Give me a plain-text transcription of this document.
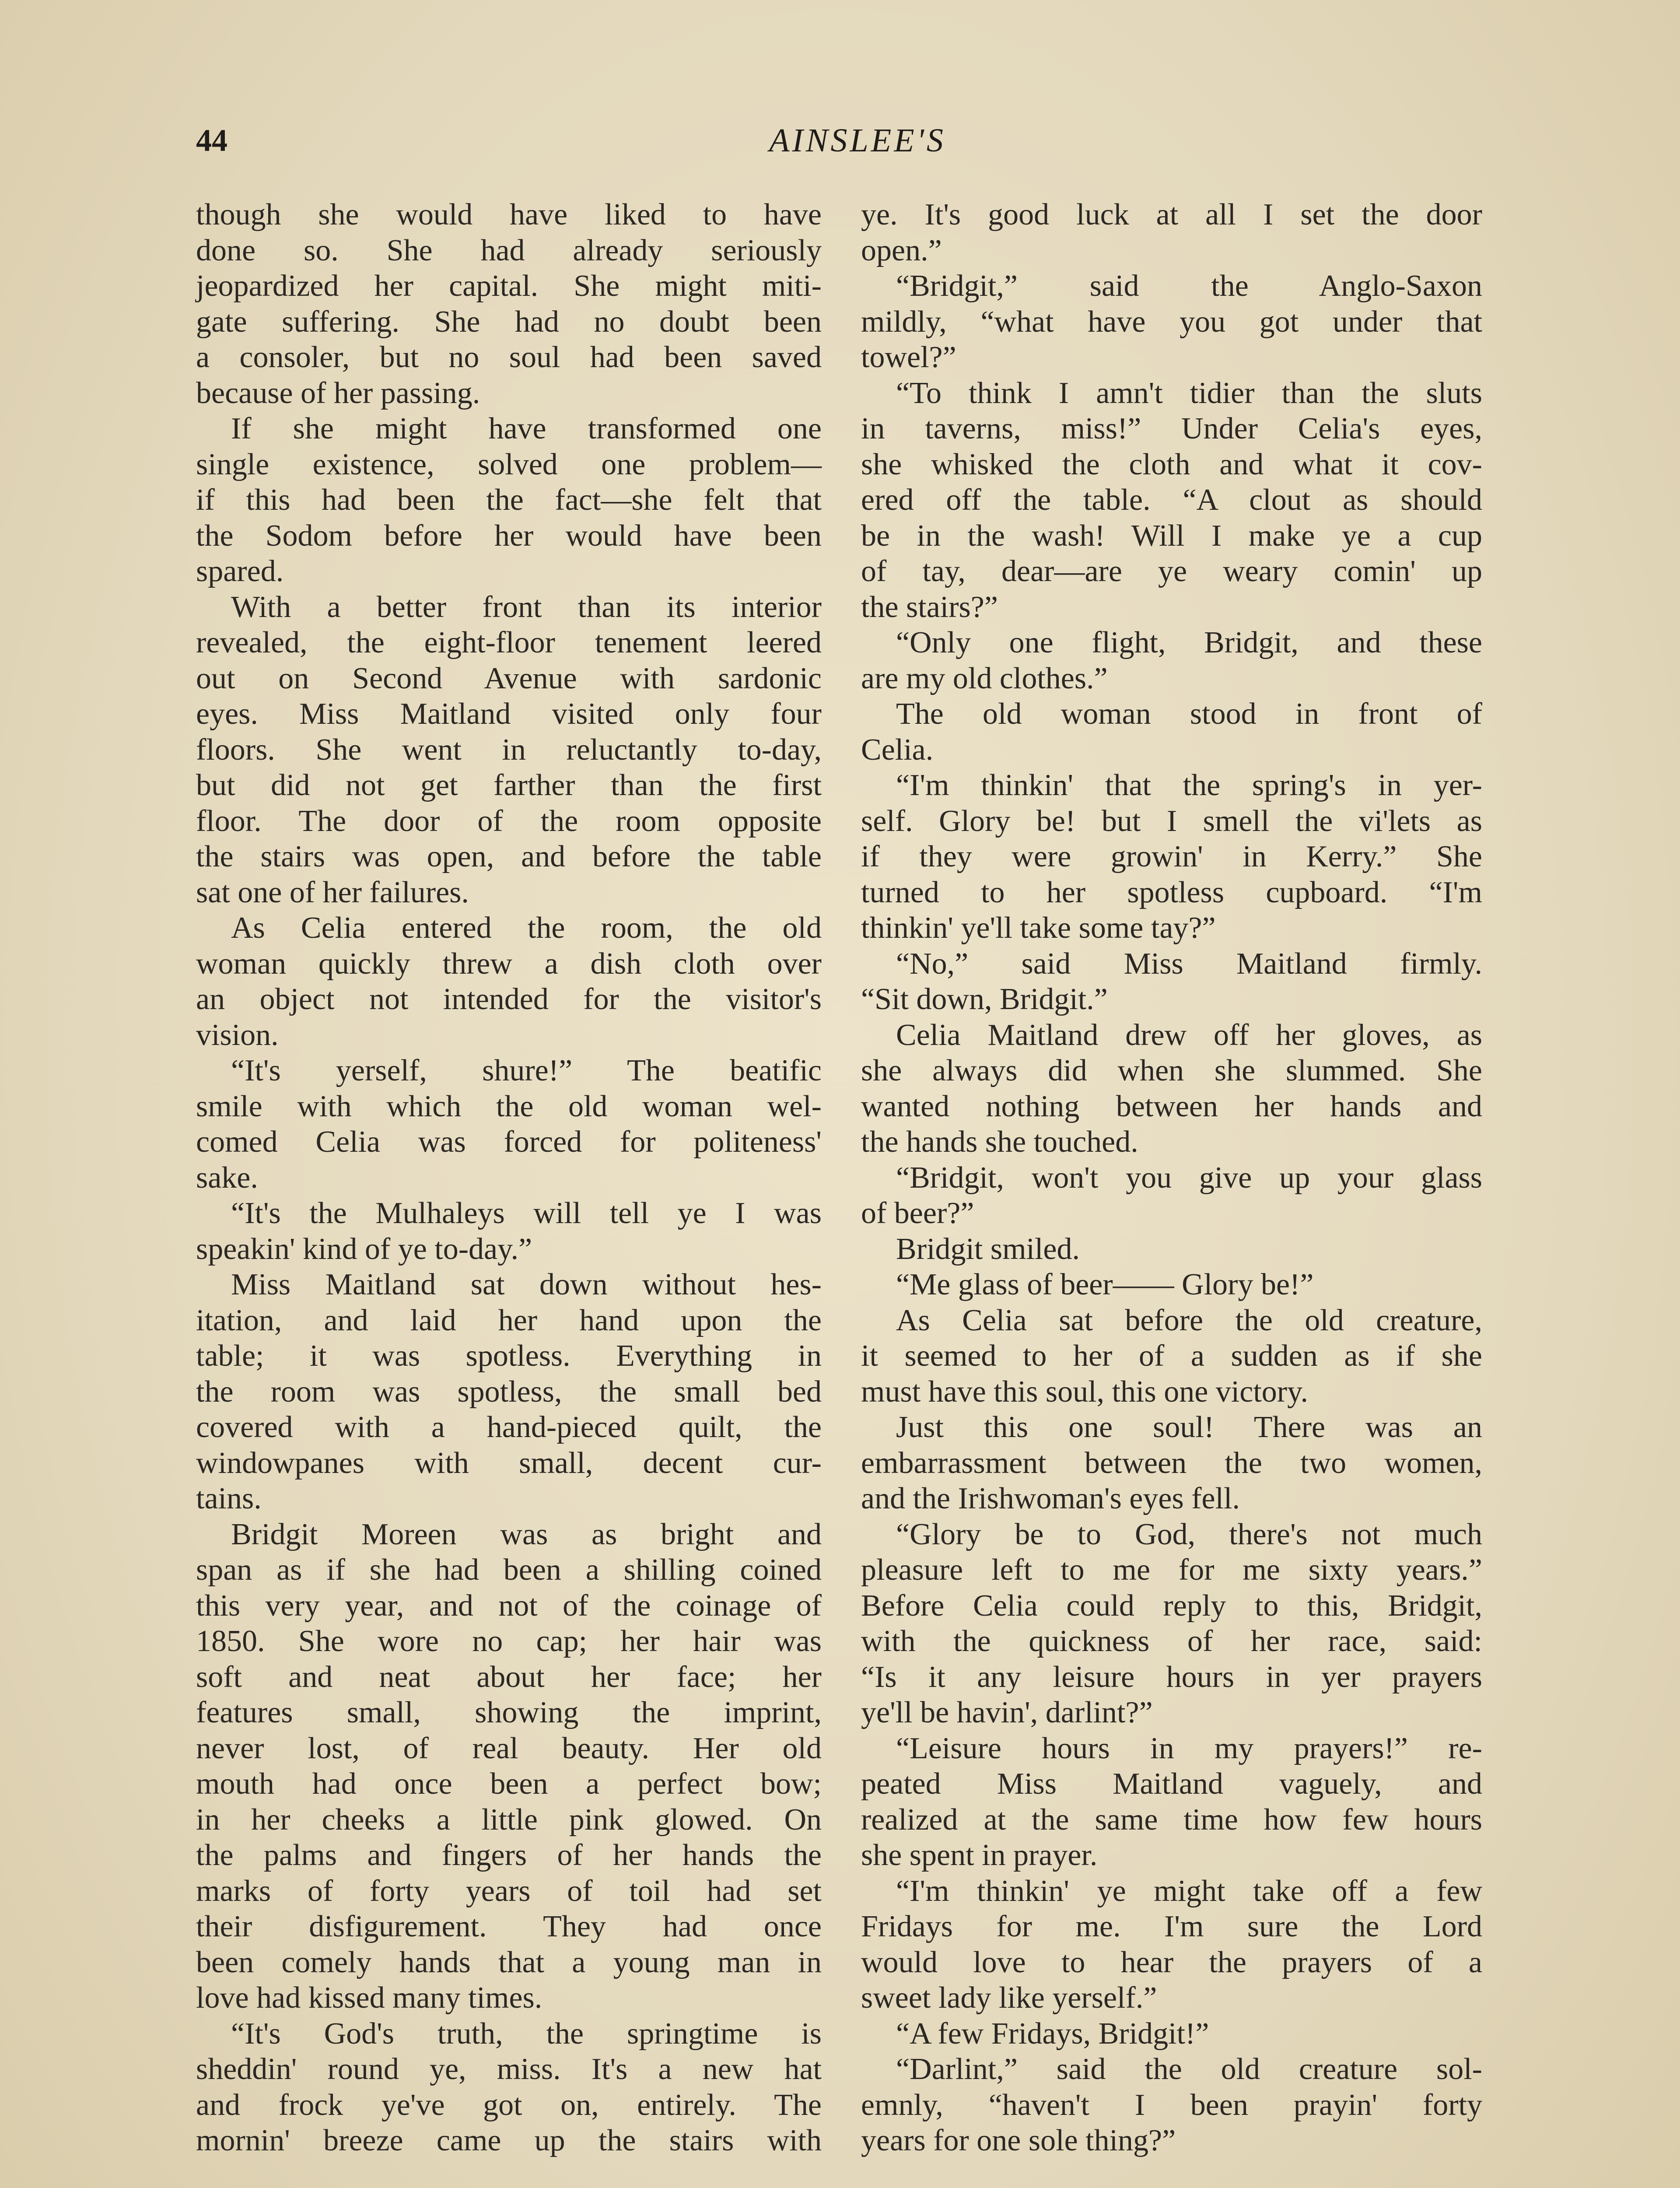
44	AINSLEE'S
though she would have liked to have
done so. She had already seriously
jeopardized her capital. She might miti-
gate suffering. She had no doubt been
a consoler, but no soul had been saved
because of her passing.
If she might have transformed one
single existence, solved one problem—
if this had been the fact—she felt that
the Sodom before her would have been
spared.
With a better front than its interior
revealed, the eight-floor tenement leered
out on Second Avenue with sardonic
eyes. Miss Maitland visited only four
floors. She went in reluctantly to-day,
but did not get farther than the first
floor. The door of the room opposite
the stairs was open, and before the table
sat one of her failures.
As Celia entered the room, the old
woman quickly threw a dish cloth over
an object not intended for the visitor's
vision.
“It's yerself, shure!” The beatific
smile with which the old woman wel-
comed Celia was forced for politeness'
sake.
“It's the Mulhaleys will tell ye I was
speakin' kind of ye to-day.”
Miss Maitland sat down without hes-
itation, and laid her hand upon the
table; it was spotless. Everything in
the room was spotless, the small bed
covered with a hand-pieced quilt, the
windowpanes with small, decent cur-
tains.
Bridgit Moreen was as bright and
span as if she had been a shilling coined
this very year, and not of the coinage of
1850. She wore no cap; her hair was
soft and neat about her face; her
features small, showing the imprint,
never lost, of real beauty. Her old
mouth had once been a perfect bow;
in her cheeks a little pink glowed. On
the palms and fingers of her hands the
marks of forty years of toil had set
their disfigurement. They had once
been comely hands that a young man in
love had kissed many times.
“It's God's truth, the springtime is
sheddin' round ye, miss. It's a new hat
and frock ye've got on, entirely. The
mornin' breeze came up the stairs with
ye. It's good luck at all I set the door
open.”
“Bridgit,” said the Anglo-Saxon
mildly, “what have you got under that
towel?”
“To think I amn't tidier than the sluts
in taverns, miss!” Under Celia's eyes,
she whisked the cloth and what it cov-
ered off the table. “A clout as should
be in the wash! Will I make ye a cup
of tay, dear—are ye weary comin' up
the stairs?”
“Only one flight, Bridgit, and these
are my old clothes.”
The old woman stood in front of
Celia.
“I'm thinkin' that the spring's in yer-
self. Glory be! but I smell the vi'lets as
if they were growin' in Kerry.” She
turned to her spotless cupboard. “I'm
thinkin' ye'll take some tay?”
“No,” said Miss Maitland firmly.
“Sit down, Bridgit.”
Celia Maitland drew off her gloves, as
she always did when she slummed. She
wanted nothing between her hands and
the hands she touched.
“Bridgit, won't you give up your glass
of beer?”
Bridgit smiled.
“Me glass of beer—— Glory be!”
As Celia sat before the old creature,
it seemed to her of a sudden as if she
must have this soul, this one victory.
Just this one soul! There was an
embarrassment between the two women,
and the Irishwoman's eyes fell.
“Glory be to God, there's not much
pleasure left to me for me sixty years.”
Before Celia could reply to this, Bridgit,
with the quickness of her race, said:
“Is it any leisure hours in yer prayers
ye'll be havin', darlint?”
“Leisure hours in my prayers!” re-
peated Miss Maitland vaguely, and
realized at the same time how few hours
she spent in prayer.
“I'm thinkin' ye might take off a few
Fridays for me. I'm sure the Lord
would love to hear the prayers of a
sweet lady like yerself.”
“A few Fridays, Bridgit!”
“Darlint,” said the old creature sol-
emnly, “haven't I been prayin' forty
years for one sole thing?”
